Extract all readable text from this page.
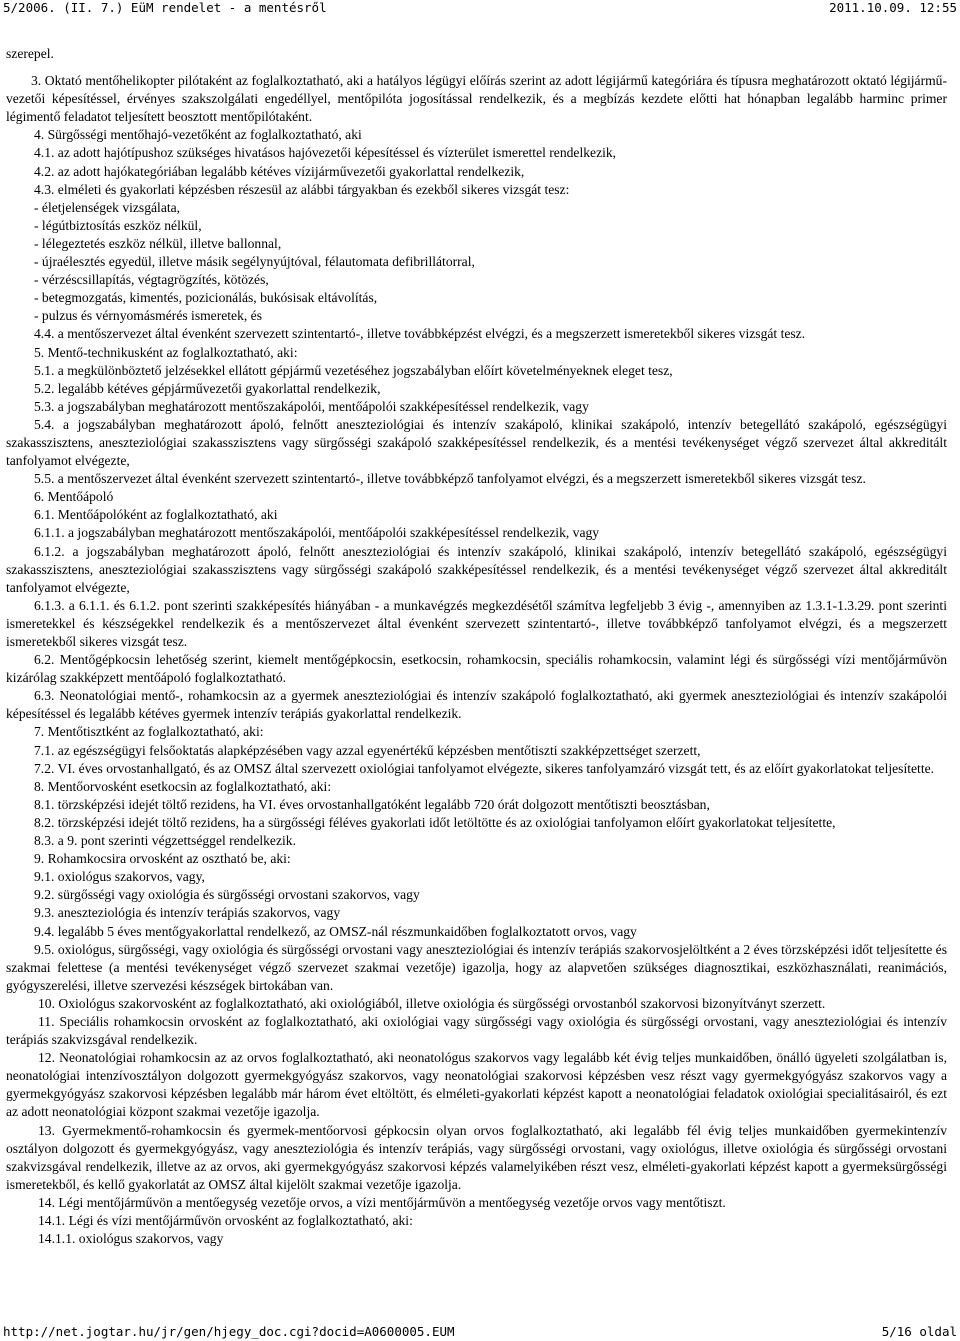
5/2006. (II. 7.) EüM rendelet - a mentésről	2011.10.09. 12:55

szerepel.

3. Oktató mentőhelikopter pilótaként az foglalkoztatható, aki a hatályos légügyi előírás szerint az adott légijármű kategóriára és típusra meghatározott oktató légijármű-vezetői képesítéssel, érvényes szakszolgálati engedéllyel, mentőpilóta jogosítással rendelkezik, és a megbízás kezdete előtti hat hónapban legalább harminc primer légimentő feladatot teljesített beosztott mentőpilótaként.

4. Sürgősségi mentőhajó-vezetőként az foglalkoztatható, aki

4.1. az adott hajótípushoz szükséges hivatásos hajóvezetői képesítéssel és vízterület ismerettel rendelkezik,

4.2. az adott hajókategóriában legalább kétéves vízijárművezetői gyakorlattal rendelkezik,

4.3. elméleti és gyakorlati képzésben részesül az alábbi tárgyakban és ezekből sikeres vizsgát tesz:

- életjelenségek vizsgálata,

- légútbiztosítás eszköz nélkül,

- lélegeztetés eszköz nélkül, illetve ballonnal,

- újraélesztés egyedül, illetve másik segélynyújtóval, félautomata defibrillátorral,

- vérzéscsillapítás, végtagrögzítés, kötözés,

- betegmozgatás, kimentés, pozicionálás, bukósisak eltávolítás,

- pulzus és vérnyomásmérés ismeretek, és

4.4. a mentőszervezet által évenként szervezett szintentartó-, illetve továbbképzést elvégzi, és a megszerzett ismeretekből sikeres vizsgát tesz.

5. Mentő-technikusként az foglalkoztatható, aki:

5.1. a megkülönböztető jelzésekkel ellátott gépjármű vezetéséhez jogszabályban előírt követelményeknek eleget tesz,

5.2. legalább kétéves gépjárművezetői gyakorlattal rendelkezik,

5.3. a jogszabályban meghatározott mentőszakápolói, mentőápolói szakképesítéssel rendelkezik, vagy

5.4. a jogszabályban meghatározott ápoló, felnőtt aneszteziológiai és intenzív szakápoló, klinikai szakápoló, intenzív betegellátó szakápoló, egészségügyi szakasszisztens, aneszteziológiai szakasszisztens vagy sürgősségi szakápoló szakképesítéssel rendelkezik, és a mentési tevékenységet végző szervezet által akkreditált tanfolyamot elvégezte,

5.5. a mentőszervezet által évenként szervezett szintentartó-, illetve továbbképző tanfolyamot elvégzi, és a megszerzett ismeretekből sikeres vizsgát tesz.

6. Mentőápoló

6.1. Mentőápolóként az foglalkoztatható, aki

6.1.1. a jogszabályban meghatározott mentőszakápolói, mentőápolói szakképesítéssel rendelkezik, vagy

6.1.2. a jogszabályban meghatározott ápoló, felnőtt aneszteziológiai és intenzív szakápoló, klinikai szakápoló, intenzív betegellátó szakápoló, egészségügyi szakasszisztens, aneszteziológiai szakasszisztens vagy sürgősségi szakápoló szakképesítéssel rendelkezik, és a mentési tevékenységet végző szervezet által akkreditált tanfolyamot elvégezte,

6.1.3. a 6.1.1. és 6.1.2. pont szerinti szakképesítés hiányában - a munkavégzés megkezdésétől számítva legfeljebb 3 évig -, amennyiben az 1.3.1-1.3.29. pont szerinti ismeretekkel és készségekkel rendelkezik és a mentőszervezet által évenként szervezett szintentartó-, illetve továbbképző tanfolyamot elvégzi, és a megszerzett ismeretekből sikeres vizsgát tesz.

6.2. Mentőgépkocsin lehetőség szerint, kiemelt mentőgépkocsin, esetkocsin, rohamkocsin, speciális rohamkocsin, valamint légi és sürgősségi vízi mentőjárművön kizárólag szakképzett mentőápoló foglalkoztatható.

6.3. Neonatológiai mentő-, rohamkocsin az a gyermek aneszteziológiai és intenzív szakápoló foglalkoztatható, aki gyermek aneszteziológiai és intenzív szakápolói képesítéssel és legalább kétéves gyermek intenzív terápiás gyakorlattal rendelkezik.

7. Mentőtisztként az foglalkoztatható, aki:

7.1. az egészségügyi felsőoktatás alapképzésében vagy azzal egyenértékű képzésben mentőtiszti szakképzettséget szerzett,

7.2. VI. éves orvostanhallgató, és az OMSZ által szervezett oxiológiai tanfolyamot elvégezte, sikeres tanfolyamzáró vizsgát tett, és az előírt gyakorlatokat teljesítette.

8. Mentőorvosként esetkocsin az foglalkoztatható, aki:

8.1. törzsképzési idejét töltő rezidens, ha VI. éves orvostanhallgatóként legalább 720 órát dolgozott mentőtiszti beosztásban,

8.2. törzsképzési idejét töltő rezidens, ha a sürgősségi féléves gyakorlati időt letöltötte és az oxiológiai tanfolyamon előírt gyakorlatokat teljesítette,

8.3. a 9. pont szerinti végzettséggel rendelkezik.

9. Rohamkocsira orvosként az osztható be, aki:

9.1. oxiológus szakorvos, vagy,

9.2. sürgősségi vagy oxiológia és sürgősségi orvostani szakorvos, vagy

9.3. aneszteziológia és intenzív terápiás szakorvos, vagy

9.4. legalább 5 éves mentőgyakorlattal rendelkező, az OMSZ-nál részmunkaidőben foglalkoztatott orvos, vagy

9.5. oxiológus, sürgősségi, vagy oxiológia és sürgősségi orvostani vagy aneszteziológiai és intenzív terápiás szakorvosjelöltként a 2 éves törzsképzési időt teljesítette és szakmai felettese (a mentési tevékenységet végző szervezet szakmai vezetője) igazolja, hogy az alapvetően szükséges diagnosztikai, eszközhasználati, reanimációs, gyógyszerelési, illetve szervezési készségek birtokában van.

10. Oxiológus szakorvosként az foglalkoztatható, aki oxiológiából, illetve oxiológia és sürgősségi orvostanból szakorvosi bizonyítványt szerzett.

11. Speciális rohamkocsin orvosként az foglalkoztatható, aki oxiológiai vagy sürgősségi vagy oxiológia és sürgősségi orvostani, vagy aneszteziológiai és intenzív terápiás szakvizsgával rendelkezik.

12. Neonatológiai rohamkocsin az az orvos foglalkoztatható, aki neonatológus szakorvos vagy legalább két évig teljes munkaidőben, önálló ügyeleti szolgálatban is, neonatológiai intenzívosztályon dolgozott gyermekgyógyász szakorvos, vagy neonatológiai szakorvosi képzésben vesz részt vagy gyermekgyógyász szakorvos vagy a gyermekgyógyász szakorvosi képzésben legalább már három évet eltöltött, és elméleti-gyakorlati képzést kapott a neonatológiai feladatok oxiológiai specialitásairól, és ezt az adott neonatológiai központ szakmai vezetője igazolja.

13. Gyermekmentő-rohamkocsin és gyermek-mentőorvosi gépkocsin olyan orvos foglalkoztatható, aki legalább fél évig teljes munkaidőben gyermekintenzív osztályon dolgozott és gyermekgyógyász, vagy aneszteziológia és intenzív terápiás, vagy sürgősségi orvostani, vagy oxiológus, illetve oxiológia és sürgősségi orvostani szakvizsgával rendelkezik, illetve az az orvos, aki gyermekgyógyász szakorvosi képzés valamelyikében részt vesz, elméleti-gyakorlati képzést kapott a gyermeksürgősségi ismeretekből, és kellő gyakorlatát az OMSZ által kijelölt szakmai vezetője igazolja.

14. Légi mentőjárművön a mentőegység vezetője orvos, a vízi mentőjárművön a mentőegység vezetője orvos vagy mentőtiszt.

14.1. Légi és vízi mentőjárművön orvosként az foglalkoztatható, aki:

14.1.1. oxiológus szakorvos, vagy

http://net.jogtar.hu/jr/gen/hjegy_doc.cgi?docid=A0600005.EUM	5/16 oldal
